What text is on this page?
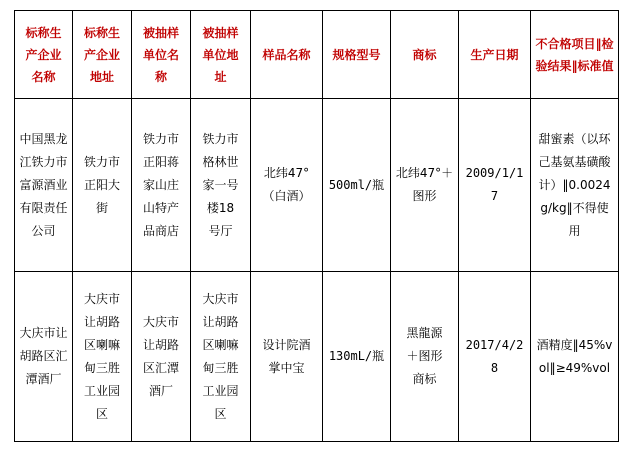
标称生产企业名称	标称生产企业地址	被抽样单位名称	被抽样单位地址	样品名称	规格型号	商标	生产日期	不合格项目‖检验结果‖标准值
中国黑龙江铁力市富源酒业有限责任公司	铁力市正阳大街	铁力市正阳蒋家山庄山特产品商店	铁力市格林世家一号楼18号厅	北纬47°（白酒）	500ml/瓶	北纬47°＋图形	2009/1/17	甜蜜素（以环己基氨基磺酸计）‖0.0024g/kg‖不得使用
大庆市让胡路区汇潭酒厂	大庆市让胡路区喇嘛甸三胜工业园区	大庆市让胡路区汇潭酒厂	大庆市让胡路区喇嘛甸三胜工业园区	设计院酒掌中宝	130mL/瓶	黑龍源＋图形商标	2017/4/28	酒精度‖45%vol‖≥49%vol
